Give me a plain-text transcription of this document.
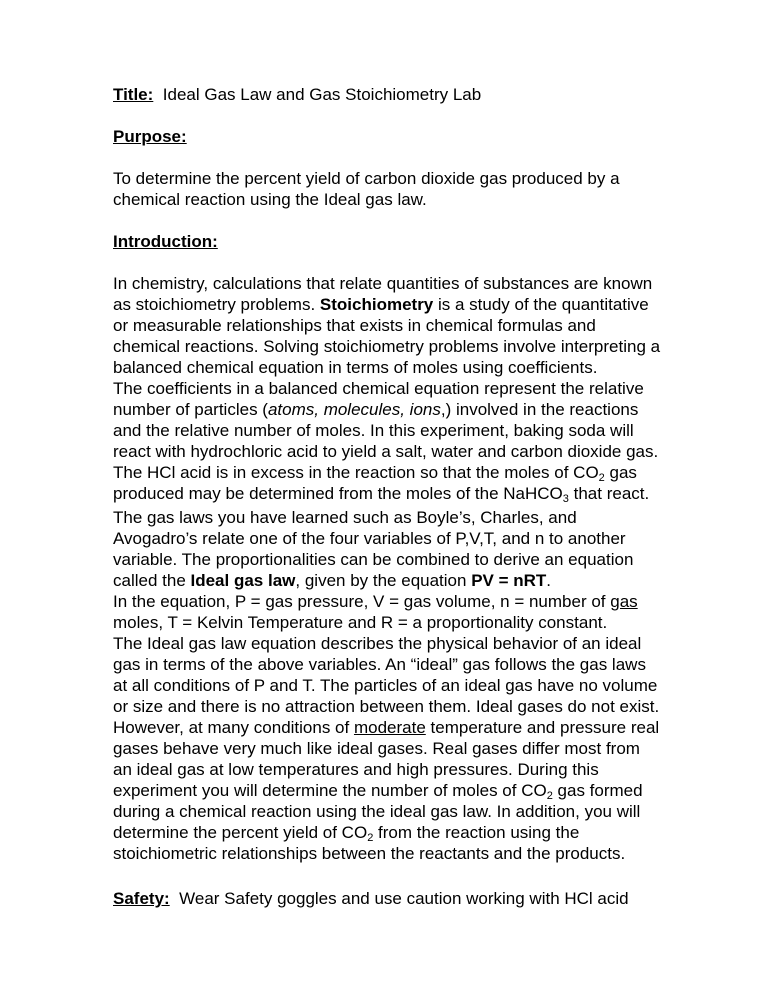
Title: Ideal Gas Law and Gas Stoichiometry Lab
Purpose:
To determine the percent yield of carbon dioxide gas produced by a
chemical reaction using the Ideal gas law.
Introduction:
In chemistry, calculations that relate quantities of substances are known
as stoichiometry problems. Stoichiometry is a study of the quantitative
or measurable relationships that exists in chemical formulas and
chemical reactions. Solving stoichiometry problems involve interpreting a
balanced chemical equation in terms of moles using coefficients.
The coefficients in a balanced chemical equation represent the relative
number of particles (atoms, molecules, ions,) involved in the reactions
and the relative number of moles. In this experiment, baking soda will
react with hydrochloric acid to yield a salt, water and carbon dioxide gas.
The HCl acid is in excess in the reaction so that the moles of $CO_2$ gas
produced may be determined from the moles of the NaHCO$_3$ that react.
The gas laws you have learned such as Boyle’s, Charles, and
Avogadro’s relate one of the four variables of P,V,T, and n to another
variable. The proportionalities can be combined to derive an equation
called the Ideal gas law, given by the equation PV = nRT.
In the equation, P = gas pressure, V = gas volume, n = number of gas
moles, T = Kelvin Temperature and R = a proportionality constant.
The Ideal gas law equation describes the physical behavior of an ideal
gas in terms of the above variables. An “ideal” gas follows the gas laws
at all conditions of P and T. The particles of an ideal gas have no volume
or size and there is no attraction between them. Ideal gases do not exist.
However, at many conditions of moderate temperature and pressure real
gases behave very much like ideal gases. Real gases differ most from
an ideal gas at low temperatures and high pressures. During this
experiment you will determine the number of moles of $CO_2$ gas formed
during a chemical reaction using the ideal gas law. In addition, you will
determine the percent yield of $CO_2$ from the reaction using the
stoichiometric relationships between the reactants and the products.
Safety: Wear Safety goggles and use caution working with HCl acid
